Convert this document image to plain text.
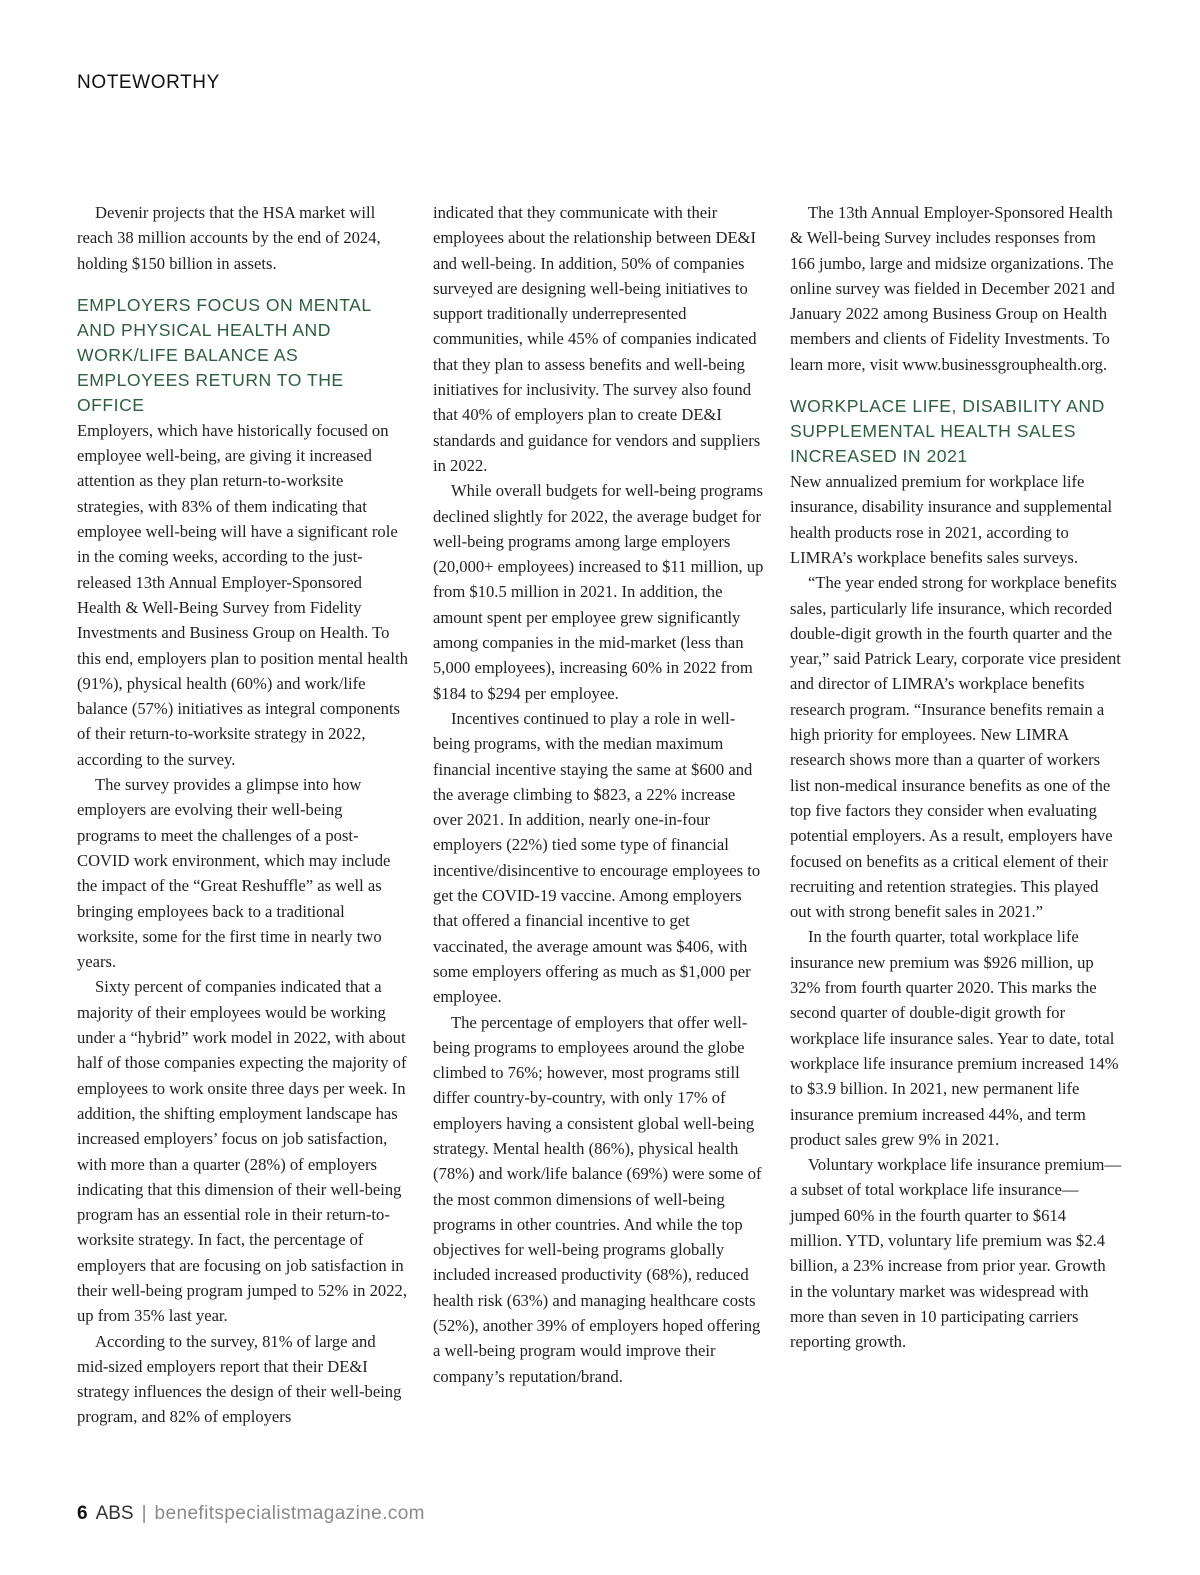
NOTEWORTHY

Devenir projects that the HSA market will reach 38 million accounts by the end of 2024, holding $150 billion in assets.

EMPLOYERS FOCUS ON MENTAL AND PHYSICAL HEALTH AND WORK/LIFE BALANCE AS EMPLOYEES RETURN TO THE OFFICE

Employers, which have historically focused on employee well-being, are giving it increased attention as they plan return-to-worksite strategies, with 83% of them indicating that employee well-being will have a significant role in the coming weeks, according to the just-released 13th Annual Employer-Sponsored Health & Well-Being Survey from Fidelity Investments and Business Group on Health. To this end, employers plan to position mental health (91%), physical health (60%) and work/life balance (57%) initiatives as integral components of their return-to-worksite strategy in 2022, according to the survey.

The survey provides a glimpse into how employers are evolving their well-being programs to meet the challenges of a post-COVID work environment, which may include the impact of the “Great Reshuffle” as well as bringing employees back to a traditional worksite, some for the first time in nearly two years.

Sixty percent of companies indicated that a majority of their employees would be working under a “hybrid” work model in 2022, with about half of those companies expecting the majority of employees to work onsite three days per week. In addition, the shifting employment landscape has increased employers’ focus on job satisfaction, with more than a quarter (28%) of employers indicating that this dimension of their well-being program has an essential role in their return-to-worksite strategy. In fact, the percentage of employers that are focusing on job satisfaction in their well-being program jumped to 52% in 2022, up from 35% last year.

According to the survey, 81% of large and mid-sized employers report that their DE&I strategy influences the design of their well-being program, and 82% of employers

indicated that they communicate with their employees about the relationship between DE&I and well-being. In addition, 50% of companies surveyed are designing well-being initiatives to support traditionally underrepresented communities, while 45% of companies indicated that they plan to assess benefits and well-being initiatives for inclusivity. The survey also found that 40% of employers plan to create DE&I standards and guidance for vendors and suppliers in 2022.

While overall budgets for well-being programs declined slightly for 2022, the average budget for well-being programs among large employers (20,000+ employees) increased to $11 million, up from $10.5 million in 2021. In addition, the amount spent per employee grew significantly among companies in the mid-market (less than 5,000 employees), increasing 60% in 2022 from $184 to $294 per employee.

Incentives continued to play a role in well-being programs, with the median maximum financial incentive staying the same at $600 and the average climbing to $823, a 22% increase over 2021. In addition, nearly one-in-four employers (22%) tied some type of financial incentive/disincentive to encourage employees to get the COVID-19 vaccine. Among employers that offered a financial incentive to get vaccinated, the average amount was $406, with some employers offering as much as $1,000 per employee.

The percentage of employers that offer well-being programs to employees around the globe climbed to 76%; however, most programs still differ country-by-country, with only 17% of employers having a consistent global well-being strategy. Mental health (86%), physical health (78%) and work/life balance (69%) were some of the most common dimensions of well-being programs in other countries. And while the top objectives for well-being programs globally included increased productivity (68%), reduced health risk (63%) and managing healthcare costs (52%), another 39% of employers hoped offering a well-being program would improve their company’s reputation/brand.

The 13th Annual Employer-Sponsored Health & Well-being Survey includes responses from 166 jumbo, large and midsize organizations. The online survey was fielded in December 2021 and January 2022 among Business Group on Health members and clients of Fidelity Investments. To learn more, visit www.businessgrouphealth.org.

WORKPLACE LIFE, DISABILITY AND SUPPLEMENTAL HEALTH SALES INCREASED IN 2021

New annualized premium for workplace life insurance, disability insurance and supplemental health products rose in 2021, according to LIMRA’s workplace benefits sales surveys.

“The year ended strong for workplace benefits sales, particularly life insurance, which recorded double-digit growth in the fourth quarter and the year,” said Patrick Leary, corporate vice president and director of LIMRA’s workplace benefits research program. “Insurance benefits remain a high priority for employees. New LIMRA research shows more than a quarter of workers list non-medical insurance benefits as one of the top five factors they consider when evaluating potential employers. As a result, employers have focused on benefits as a critical element of their recruiting and retention strategies. This played out with strong benefit sales in 2021.”

In the fourth quarter, total workplace life insurance new premium was $926 million, up 32% from fourth quarter 2020. This marks the second quarter of double-digit growth for workplace life insurance sales. Year to date, total workplace life insurance premium increased 14% to $3.9 billion. In 2021, new permanent life insurance premium increased 44%, and term product sales grew 9% in 2021.

Voluntary workplace life insurance premium—a subset of total workplace life insurance—jumped 60% in the fourth quarter to $614 million. YTD, voluntary life premium was $2.4 billion, a 23% increase from prior year. Growth in the voluntary market was widespread with more than seven in 10 participating carriers reporting growth.

6 ABS | benefitspecialistmagazine.com
